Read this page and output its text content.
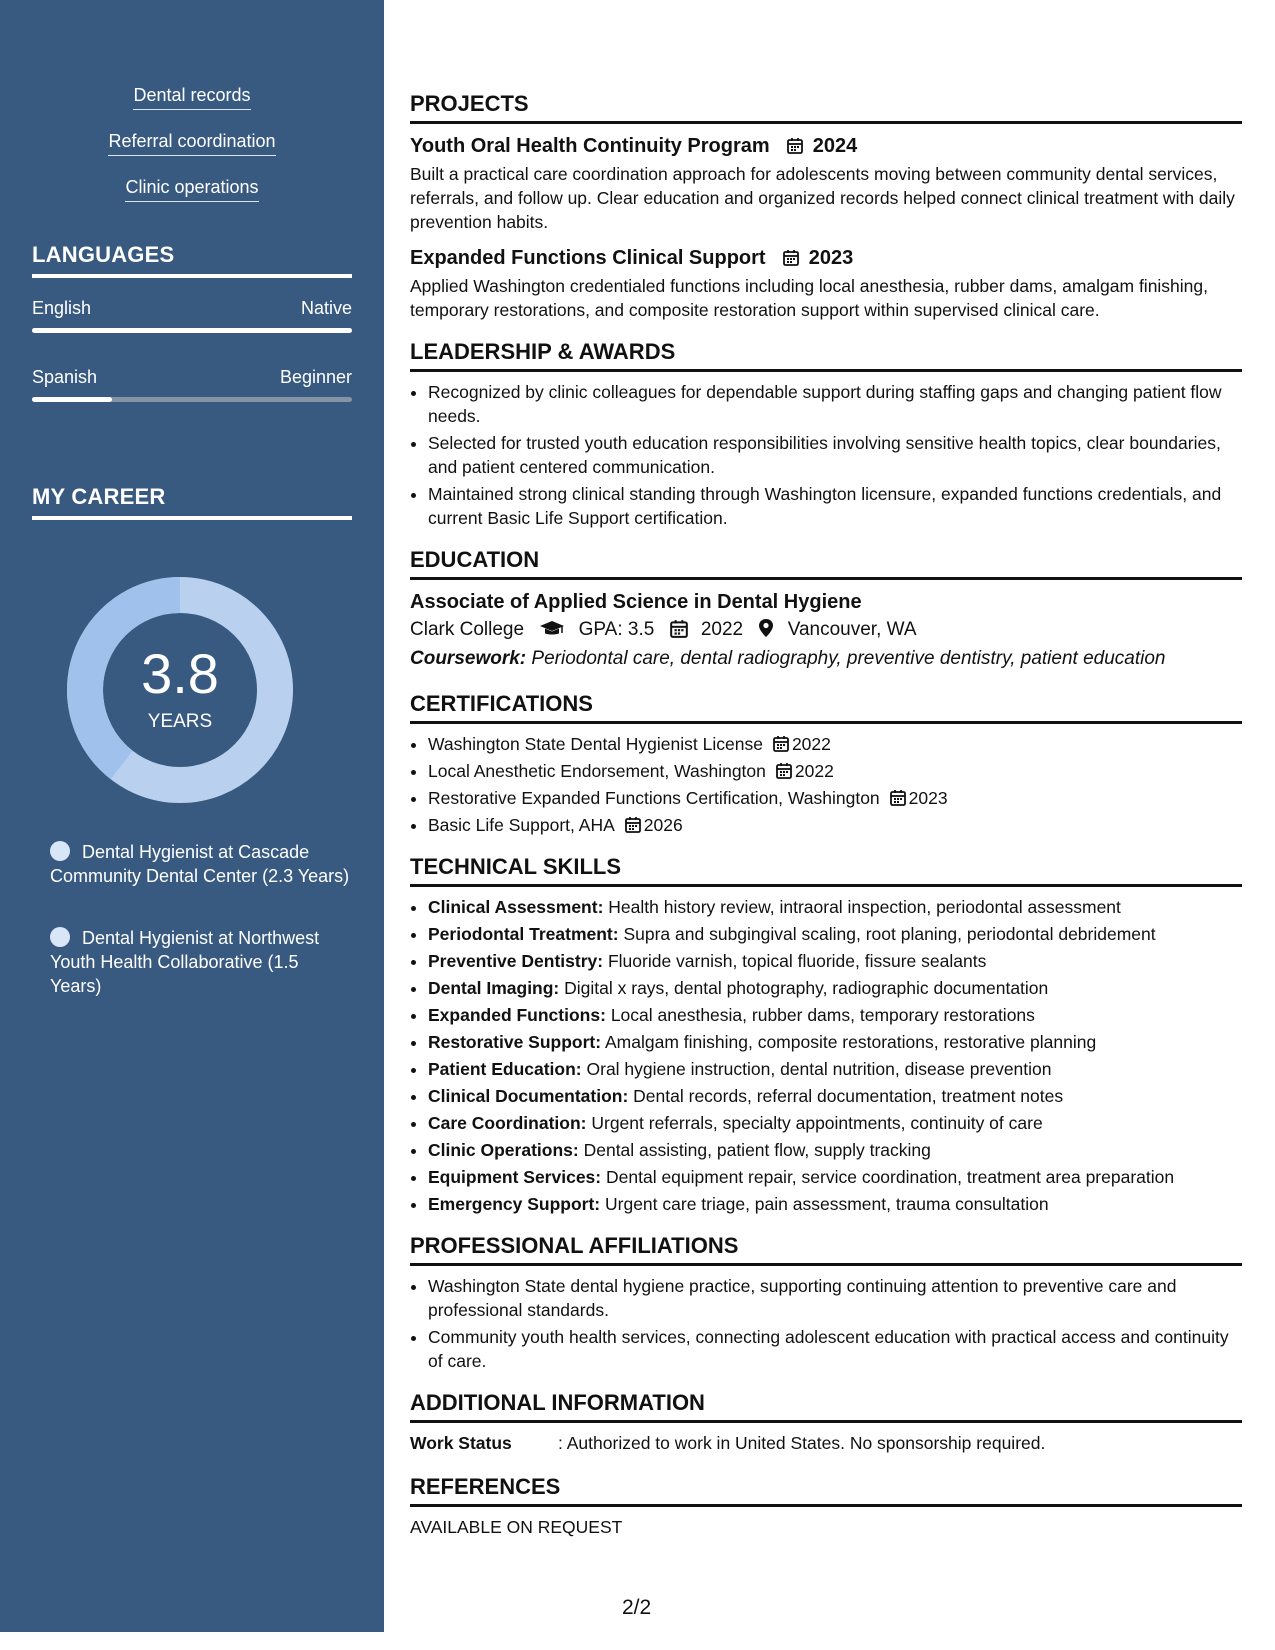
Dental records
Referral coordination
Clinic operations
LANGUAGES
English	Native
Spanish	Beginner
MY CAREER
3.8
YEARS
Dental Hygienist at Cascade Community Dental Center (2.3 Years)
Dental Hygienist at Northwest Youth Health Collaborative (1.5 Years)
PROJECTS
Youth Oral Health Continuity Program 2024
Built a practical care coordination approach for adolescents moving between community dental services, referrals, and follow up. Clear education and organized records helped connect clinical treatment with daily prevention habits.
Expanded Functions Clinical Support 2023
Applied Washington credentialed functions including local anesthesia, rubber dams, amalgam finishing, temporary restorations, and composite restoration support within supervised clinical care.
LEADERSHIP & AWARDS
• Recognized by clinic colleagues for dependable support during staffing gaps and changing patient flow needs.
• Selected for trusted youth education responsibilities involving sensitive health topics, clear boundaries, and patient centered communication.
• Maintained strong clinical standing through Washington licensure, expanded functions credentials, and current Basic Life Support certification.
EDUCATION
Associate of Applied Science in Dental Hygiene
Clark College	GPA: 3.5 2022 Vancouver, WA
Coursework: Periodontal care, dental radiography, preventive dentistry, patient education
CERTIFICATIONS
• Washington State Dental Hygienist License 2022
• Local Anesthetic Endorsement, Washington 2022
• Restorative Expanded Functions Certification, Washington 2023
• Basic Life Support, AHA 2026
TECHNICAL SKILLS
• Clinical Assessment: Health history review, intraoral inspection, periodontal assessment
• Periodontal Treatment: Supra and subgingival scaling, root planing, periodontal debridement
• Preventive Dentistry: Fluoride varnish, topical fluoride, fissure sealants
• Dental Imaging: Digital x rays, dental photography, radiographic documentation
• Expanded Functions: Local anesthesia, rubber dams, temporary restorations
• Restorative Support: Amalgam finishing, composite restorations, restorative planning
• Patient Education: Oral hygiene instruction, dental nutrition, disease prevention
• Clinical Documentation: Dental records, referral documentation, treatment notes
• Care Coordination: Urgent referrals, specialty appointments, continuity of care
• Clinic Operations: Dental assisting, patient flow, supply tracking
• Equipment Services: Dental equipment repair, service coordination, treatment area preparation
• Emergency Support: Urgent care triage, pain assessment, trauma consultation
PROFESSIONAL AFFILIATIONS
• Washington State dental hygiene practice, supporting continuing attention to preventive care and professional standards.
• Community youth health services, connecting adolescent education with practical access and continuity of care.
ADDITIONAL INFORMATION
Work Status	: Authorized to work in United States. No sponsorship required.
REFERENCES
AVAILABLE ON REQUEST
2/2
